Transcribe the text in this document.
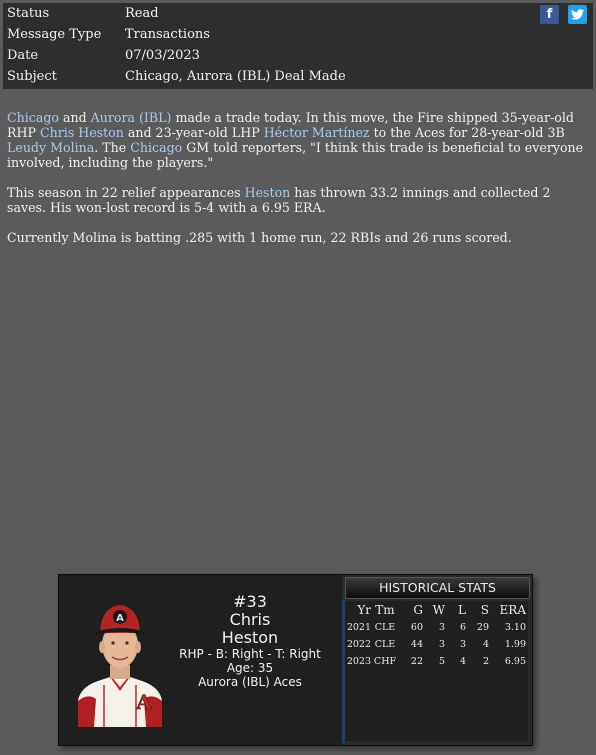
Status	Read
Message Type	Transactions
Date	07/03/2023
Subject	Chicago, Aurora (IBL) Deal Made
f

Chicago and Aurora (IBL) made a trade today. In this move, the Fire shipped 35-year-old RHP Chris Heston and 23-year-old LHP Héctor Martínez to the Aces for 28-year-old 3B Leudy Molina. The Chicago GM told reporters, "I think this trade is beneficial to everyone involved, including the players."

This season in 22 relief appearances Heston has thrown 33.2 innings and collected 2 saves. His won-lost record is 5-4 with a 6.95 ERA.

Currently Molina is batting .285 with 1 home run, 22 RBIs and 26 runs scored.

A
A
#33
Chris
Heston
RHP - B: Right - T: Right
Age: 35
Aurora (IBL) Aces
HISTORICAL STATS
Yr	Tm	G	W	L	S	ERA
2021	CLE	60	3	6	29	3.10
2022	CLE	44	3	3	4	1.99
2023	CHF	22	5	4	2	6.95
